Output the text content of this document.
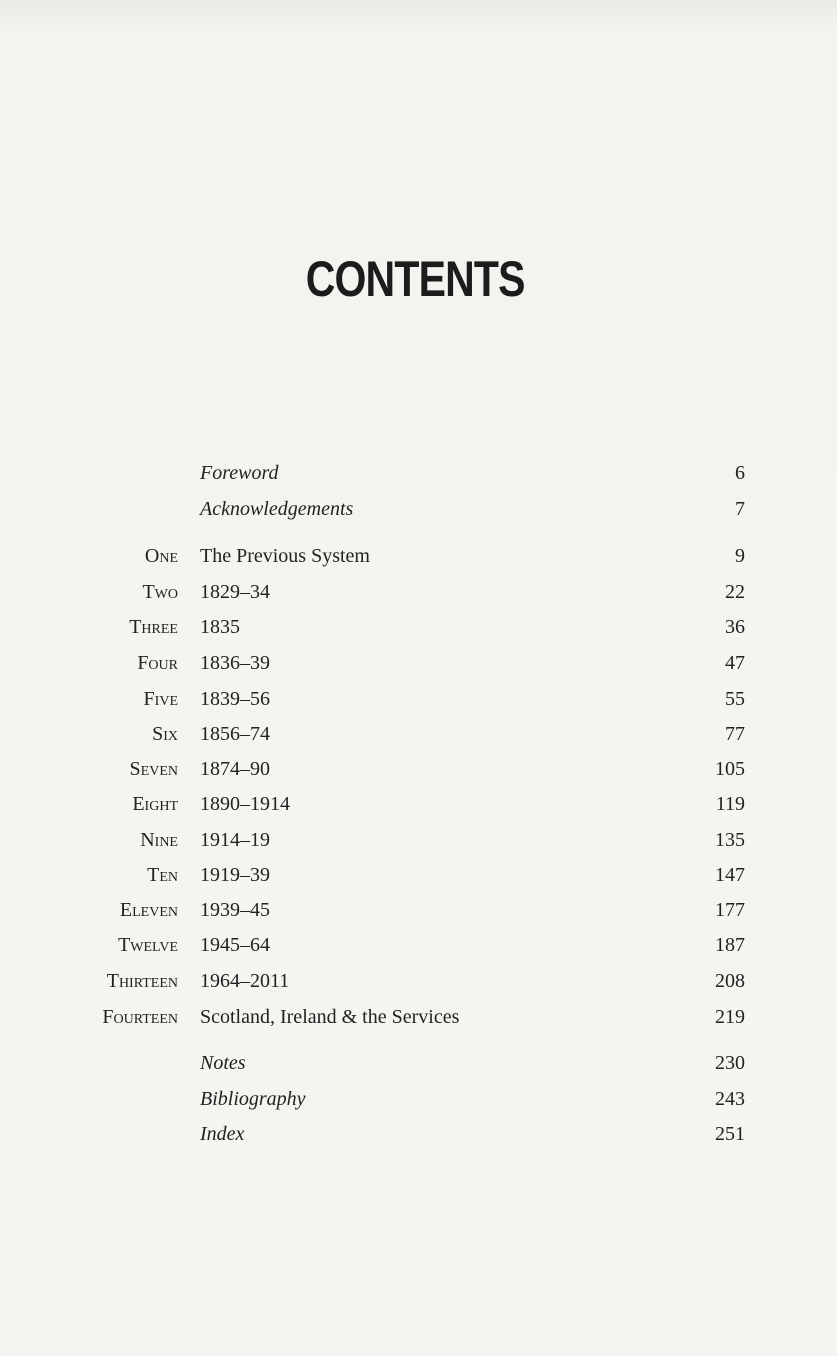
CONTENTS
Foreword	6
Acknowledgements	7
One The Previous System	9
Two 1829–34	22
Three 1835	36
Four 1836–39	47
Five 1839–56	55
Six 1856–74	77
Seven 1874–90	105
Eight 1890–1914	119
Nine 1914–19	135
Ten 1919–39	147
Eleven 1939–45	177
Twelve 1945–64	187
Thirteen 1964–2011	208
Fourteen Scotland, Ireland & the Services	219
Notes	230
Bibliography	243
Index	251
